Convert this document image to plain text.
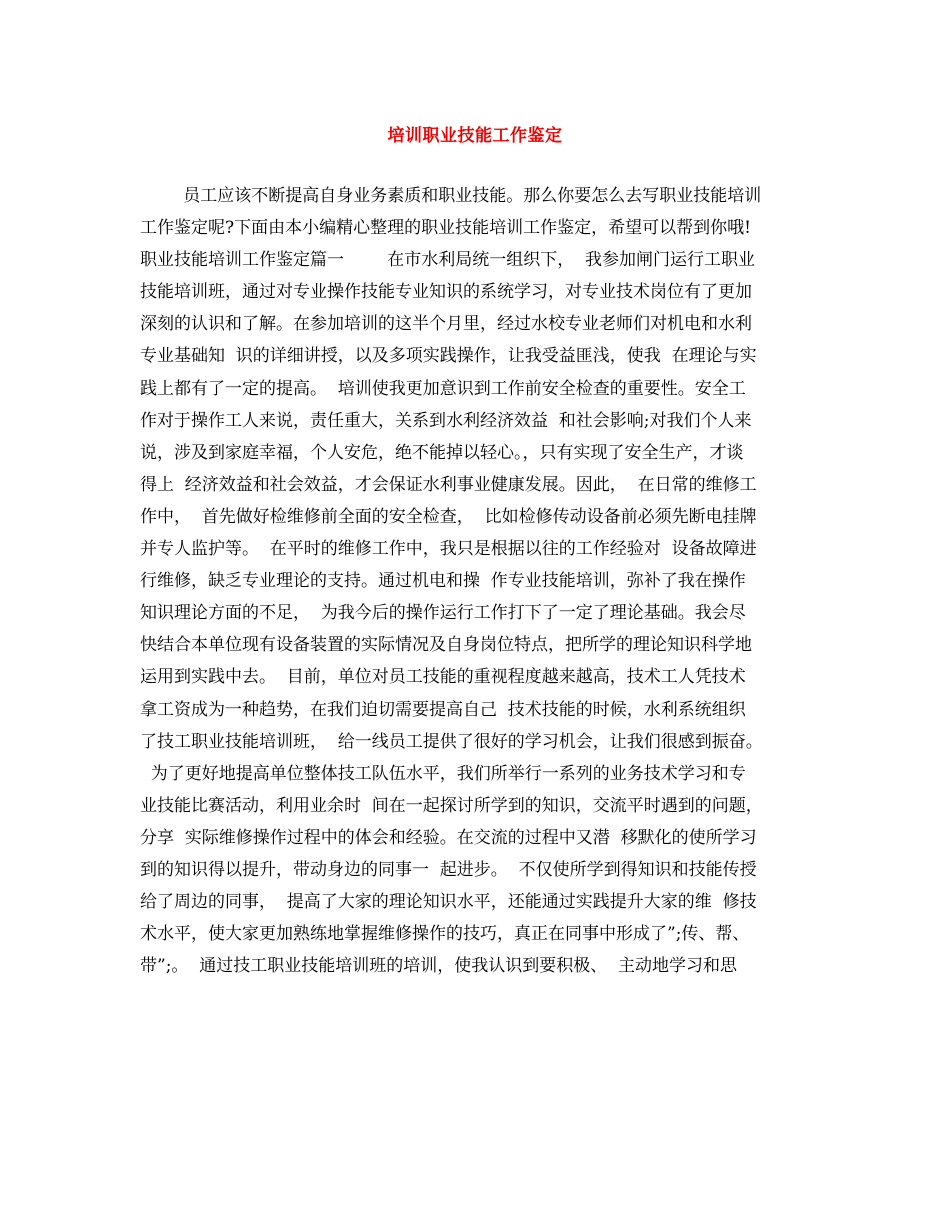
培训职业技能工作鉴定
员工应该不断提高自身业务素质和职业技能。那么你要怎么去写职业技能培训
工作鉴定呢?下面由本小编精心整理的职业技能培训工作鉴定，希望可以帮到你哦!
职业技能培训工作鉴定篇一        在市水利局统一组织下，  我参加闸门运行工职业
技能培训班，通过对专业操作技能专业知识的系统学习，对专业技术岗位有了更加
深刻的认识和了解。在参加培训的这半个月里，经过水校专业老师们对机电和水利
专业基础知  识的详细讲授，以及多项实践操作，让我受益匪浅，使我  在理论与实
践上都有了一定的提高。  培训使我更加意识到工作前安全检查的重要性。安全工
作对于操作工人来说，责任重大，关系到水利经济效益  和社会影响;对我们个人来
说，涉及到家庭幸福，个人安危，绝不能掉以轻心。，只有实现了安全生产，才谈
得上  经济效益和社会效益，才会保证水利事业健康发展。因此，  在日常的维修工
作中，  首先做好检维修前全面的安全检查，  比如检修传动设备前必须先断电挂牌
并专人监护等。  在平时的维修工作中，我只是根据以往的工作经验对  设备故障进
行维修，缺乏专业理论的支持。通过机电和操  作专业技能培训，弥补了我在操作
知识理论方面的不足，  为我今后的操作运行工作打下了一定了理论基础。我会尽
快结合本单位现有设备装置的实际情况及自身岗位特点，把所学的理论知识科学地
运用到实践中去。  目前，单位对员工技能的重视程度越来越高，技术工人凭技术
拿工资成为一种趋势，在我们迫切需要提高自己  技术技能的时候，水利系统组织
了技工职业技能培训班，  给一线员工提供了很好的学习机会，让我们很感到振奋。
为了更好地提高单位整体技工队伍水平，我们所举行一系列的业务技术学习和专
业技能比赛活动，利用业余时  间在一起探讨所学到的知识，交流平时遇到的问题，
分享  实际维修操作过程中的体会和经验。在交流的过程中又潜  移默化的使所学习
到的知识得以提升，带动身边的同事一  起进步。  不仅使所学到得知识和技能传授
给了周边的同事，  提高了大家的理论知识水平，还能通过实践提升大家的维  修技
术水平，使大家更加熟练地掌握维修操作的技巧，真正在同事中形成了”;传、帮、
带”;。  通过技工职业技能培训班的培训，使我认识到要积极、  主动地学习和思
